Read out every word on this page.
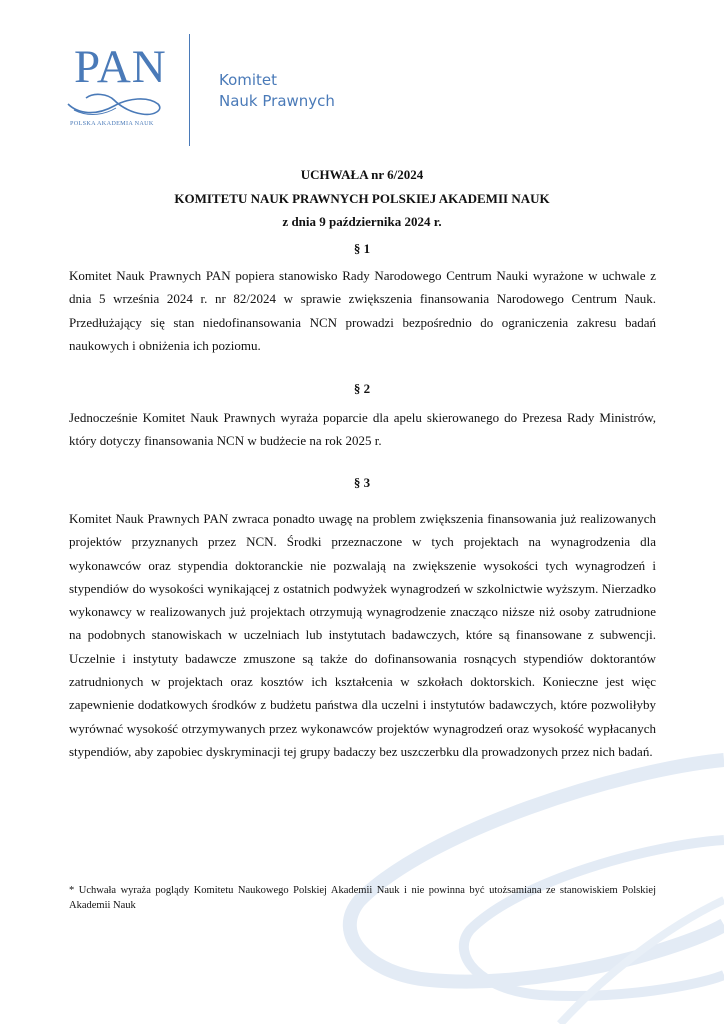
PAN
POLSKA AKADEMIA NAUK
Komitet
Nauk Prawnych
UCHWAŁA nr 6/2024
KOMITETU NAUK PRAWNYCH POLSKIEJ AKADEMII NAUK
z dnia 9 października 2024 r.
§ 1
Komitet Nauk Prawnych PAN popiera stanowisko Rady Narodowego Centrum Nauki wyrażone w uchwale z dnia 5 września 2024 r. nr 82/2024 w sprawie zwiększenia finansowania Narodowego Centrum Nauk. Przedłużający się stan niedofinansowania NCN prowadzi bezpośrednio do ograniczenia zakresu badań naukowych i obniżenia ich poziomu.
§ 2
Jednocześnie Komitet Nauk Prawnych wyraża poparcie dla apelu skierowanego do Prezesa Rady Ministrów, który dotyczy finansowania NCN w budżecie na rok 2025 r.
§ 3
Komitet Nauk Prawnych PAN zwraca ponadto uwagę na problem zwiększenia finansowania już realizowanych projektów przyznanych przez NCN. Środki przeznaczone w tych projektach na wynagrodzenia dla wykonawców oraz stypendia doktoranckie nie pozwalają na zwiększenie wysokości tych wynagrodzeń i stypendiów do wysokości wynikającej z ostatnich podwyżek wynagrodzeń w szkolnictwie wyższym. Nierzadko wykonawcy w realizowanych już projektach otrzymują wynagrodzenie znacząco niższe niż osoby zatrudnione na podobnych stanowiskach w uczelniach lub instytutach badawczych, które są finansowane z subwencji. Uczelnie i instytuty badawcze zmuszone są także do dofinansowania rosnących stypendiów doktorantów zatrudnionych w projektach oraz kosztów ich kształcenia w szkołach doktorskich. Konieczne jest więc zapewnienie dodatkowych środków z budżetu państwa dla uczelni i instytutów badawczych, które pozwoliłyby wyrównać wysokość otrzymywanych przez wykonawców projektów wynagrodzeń oraz wysokość wypłacanych stypendiów, aby zapobiec dyskryminacji tej grupy badaczy bez uszczerbku dla prowadzonych przez nich badań.
* Uchwała wyraża poglądy Komitetu Naukowego Polskiej Akademii Nauk i nie powinna być utożsamiana ze stanowiskiem Polskiej Akademii Nauk
